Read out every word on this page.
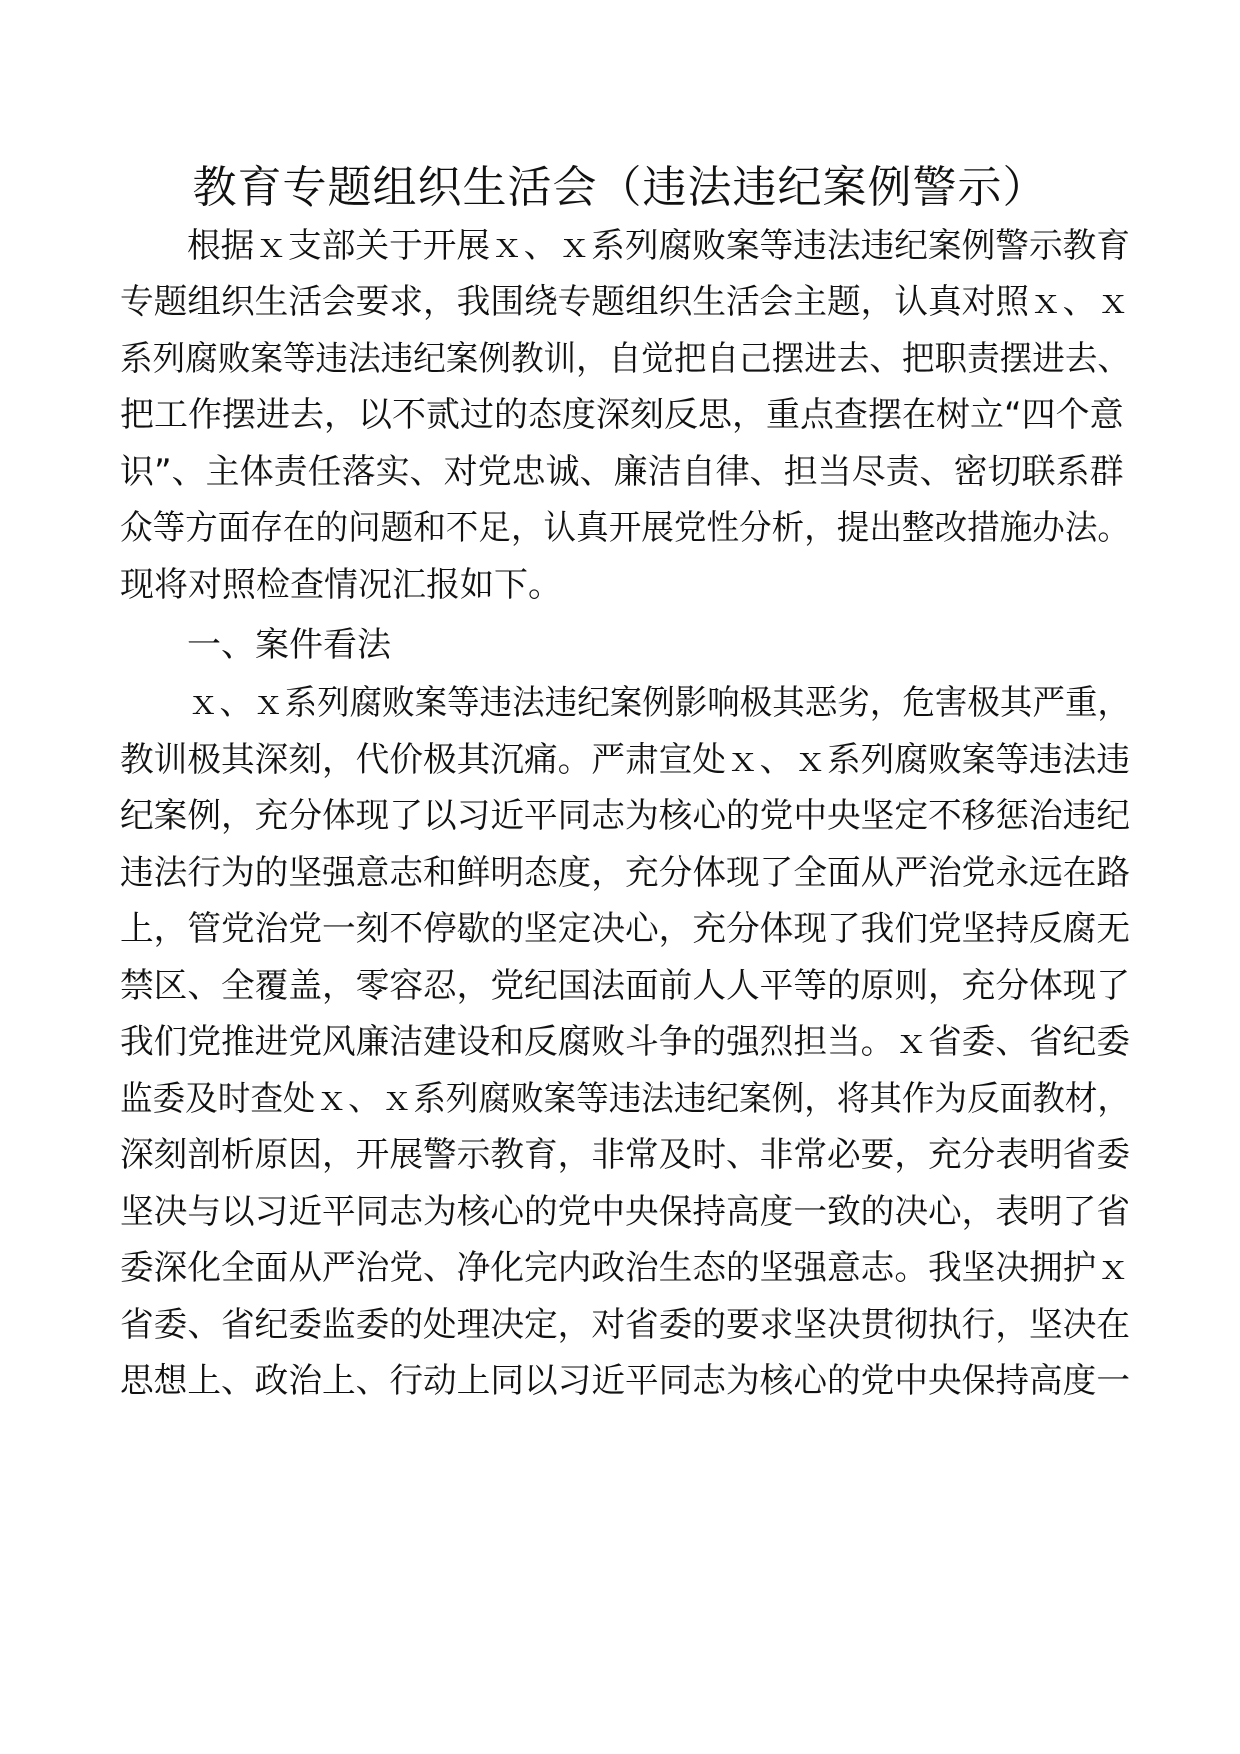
教育专题组织生活会（违法违纪案例警示）
根据ｘ支部关于开展ｘ、ｘ系列腐败案等违法违纪案例警示教育
专题组织生活会要求，我围绕专题组织生活会主题，认真对照ｘ、ｘ
系列腐败案等违法违纪案例教训，自觉把自己摆进去、把职责摆进去、
把工作摆进去，以不贰过的态度深刻反思，重点查摆在树立“四个意
识”、主体责任落实、对党忠诚、廉洁自律、担当尽责、密切联系群
众等方面存在的问题和不足，认真开展党性分析，提出整改措施办法。
现将对照检查情况汇报如下。
一、案件看法
ｘ、ｘ系列腐败案等违法违纪案例影响极其恶劣，危害极其严重，
教训极其深刻，代价极其沉痛。严肃宣处ｘ、ｘ系列腐败案等违法违
纪案例，充分体现了以习近平同志为核心的党中央坚定不移惩治违纪
违法行为的坚强意志和鲜明态度，充分体现了全面从严治党永远在路
上，管党治党一刻不停歇的坚定决心，充分体现了我们党坚持反腐无
禁区、全覆盖，零容忍，党纪国法面前人人平等的原则，充分体现了
我们党推进党风廉洁建设和反腐败斗争的强烈担当。ｘ省委、省纪委
监委及时查处ｘ、ｘ系列腐败案等违法违纪案例，将其作为反面教材，
深刻剖析原因，开展警示教育，非常及时、非常必要，充分表明省委
坚决与以习近平同志为核心的党中央保持高度一致的决心，表明了省
委深化全面从严治党、净化完内政治生态的坚强意志。我坚决拥护ｘ
省委、省纪委监委的处理决定，对省委的要求坚决贯彻执行，坚决在
思想上、政治上、行动上同以习近平同志为核心的党中央保持高度一
